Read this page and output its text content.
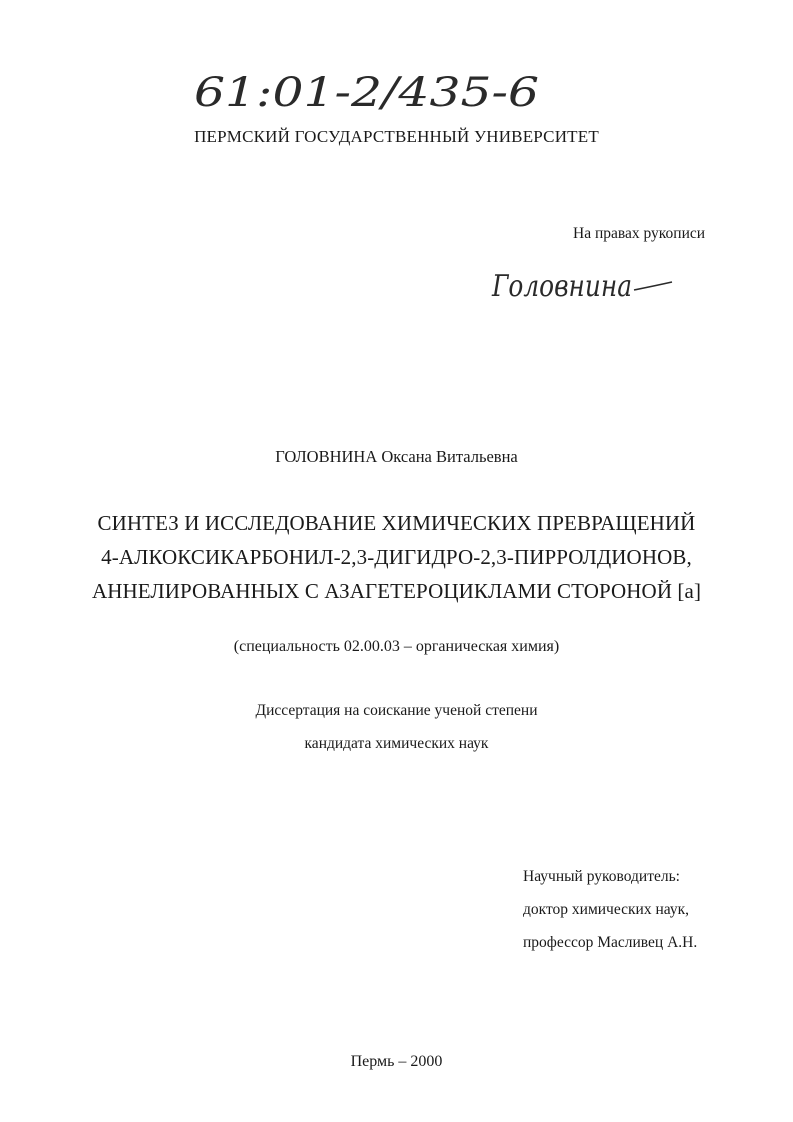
61:01-2/435-6
ПЕРМСКИЙ ГОСУДАРСТВЕННЫЙ УНИВЕРСИТЕТ
На правах рукописи
Головнина
ГОЛОВНИНА Оксана Витальевна
СИНТЕЗ И ИССЛЕДОВАНИЕ ХИМИЧЕСКИХ ПРЕВРАЩЕНИЙ
4-АЛКОКСИКАРБОНИЛ-2,3-ДИГИДРО-2,3-ПИРРОЛДИОНОВ,
АННЕЛИРОВАННЫХ С АЗАГЕТЕРОЦИКЛАМИ СТОРОНОЙ [а]
(специальность 02.00.03 – органическая химия)
Диссертация на соискание ученой степени
кандидата химических наук
Научный руководитель:
доктор химических наук,
профессор Масливец А.Н.
Пермь – 2000
